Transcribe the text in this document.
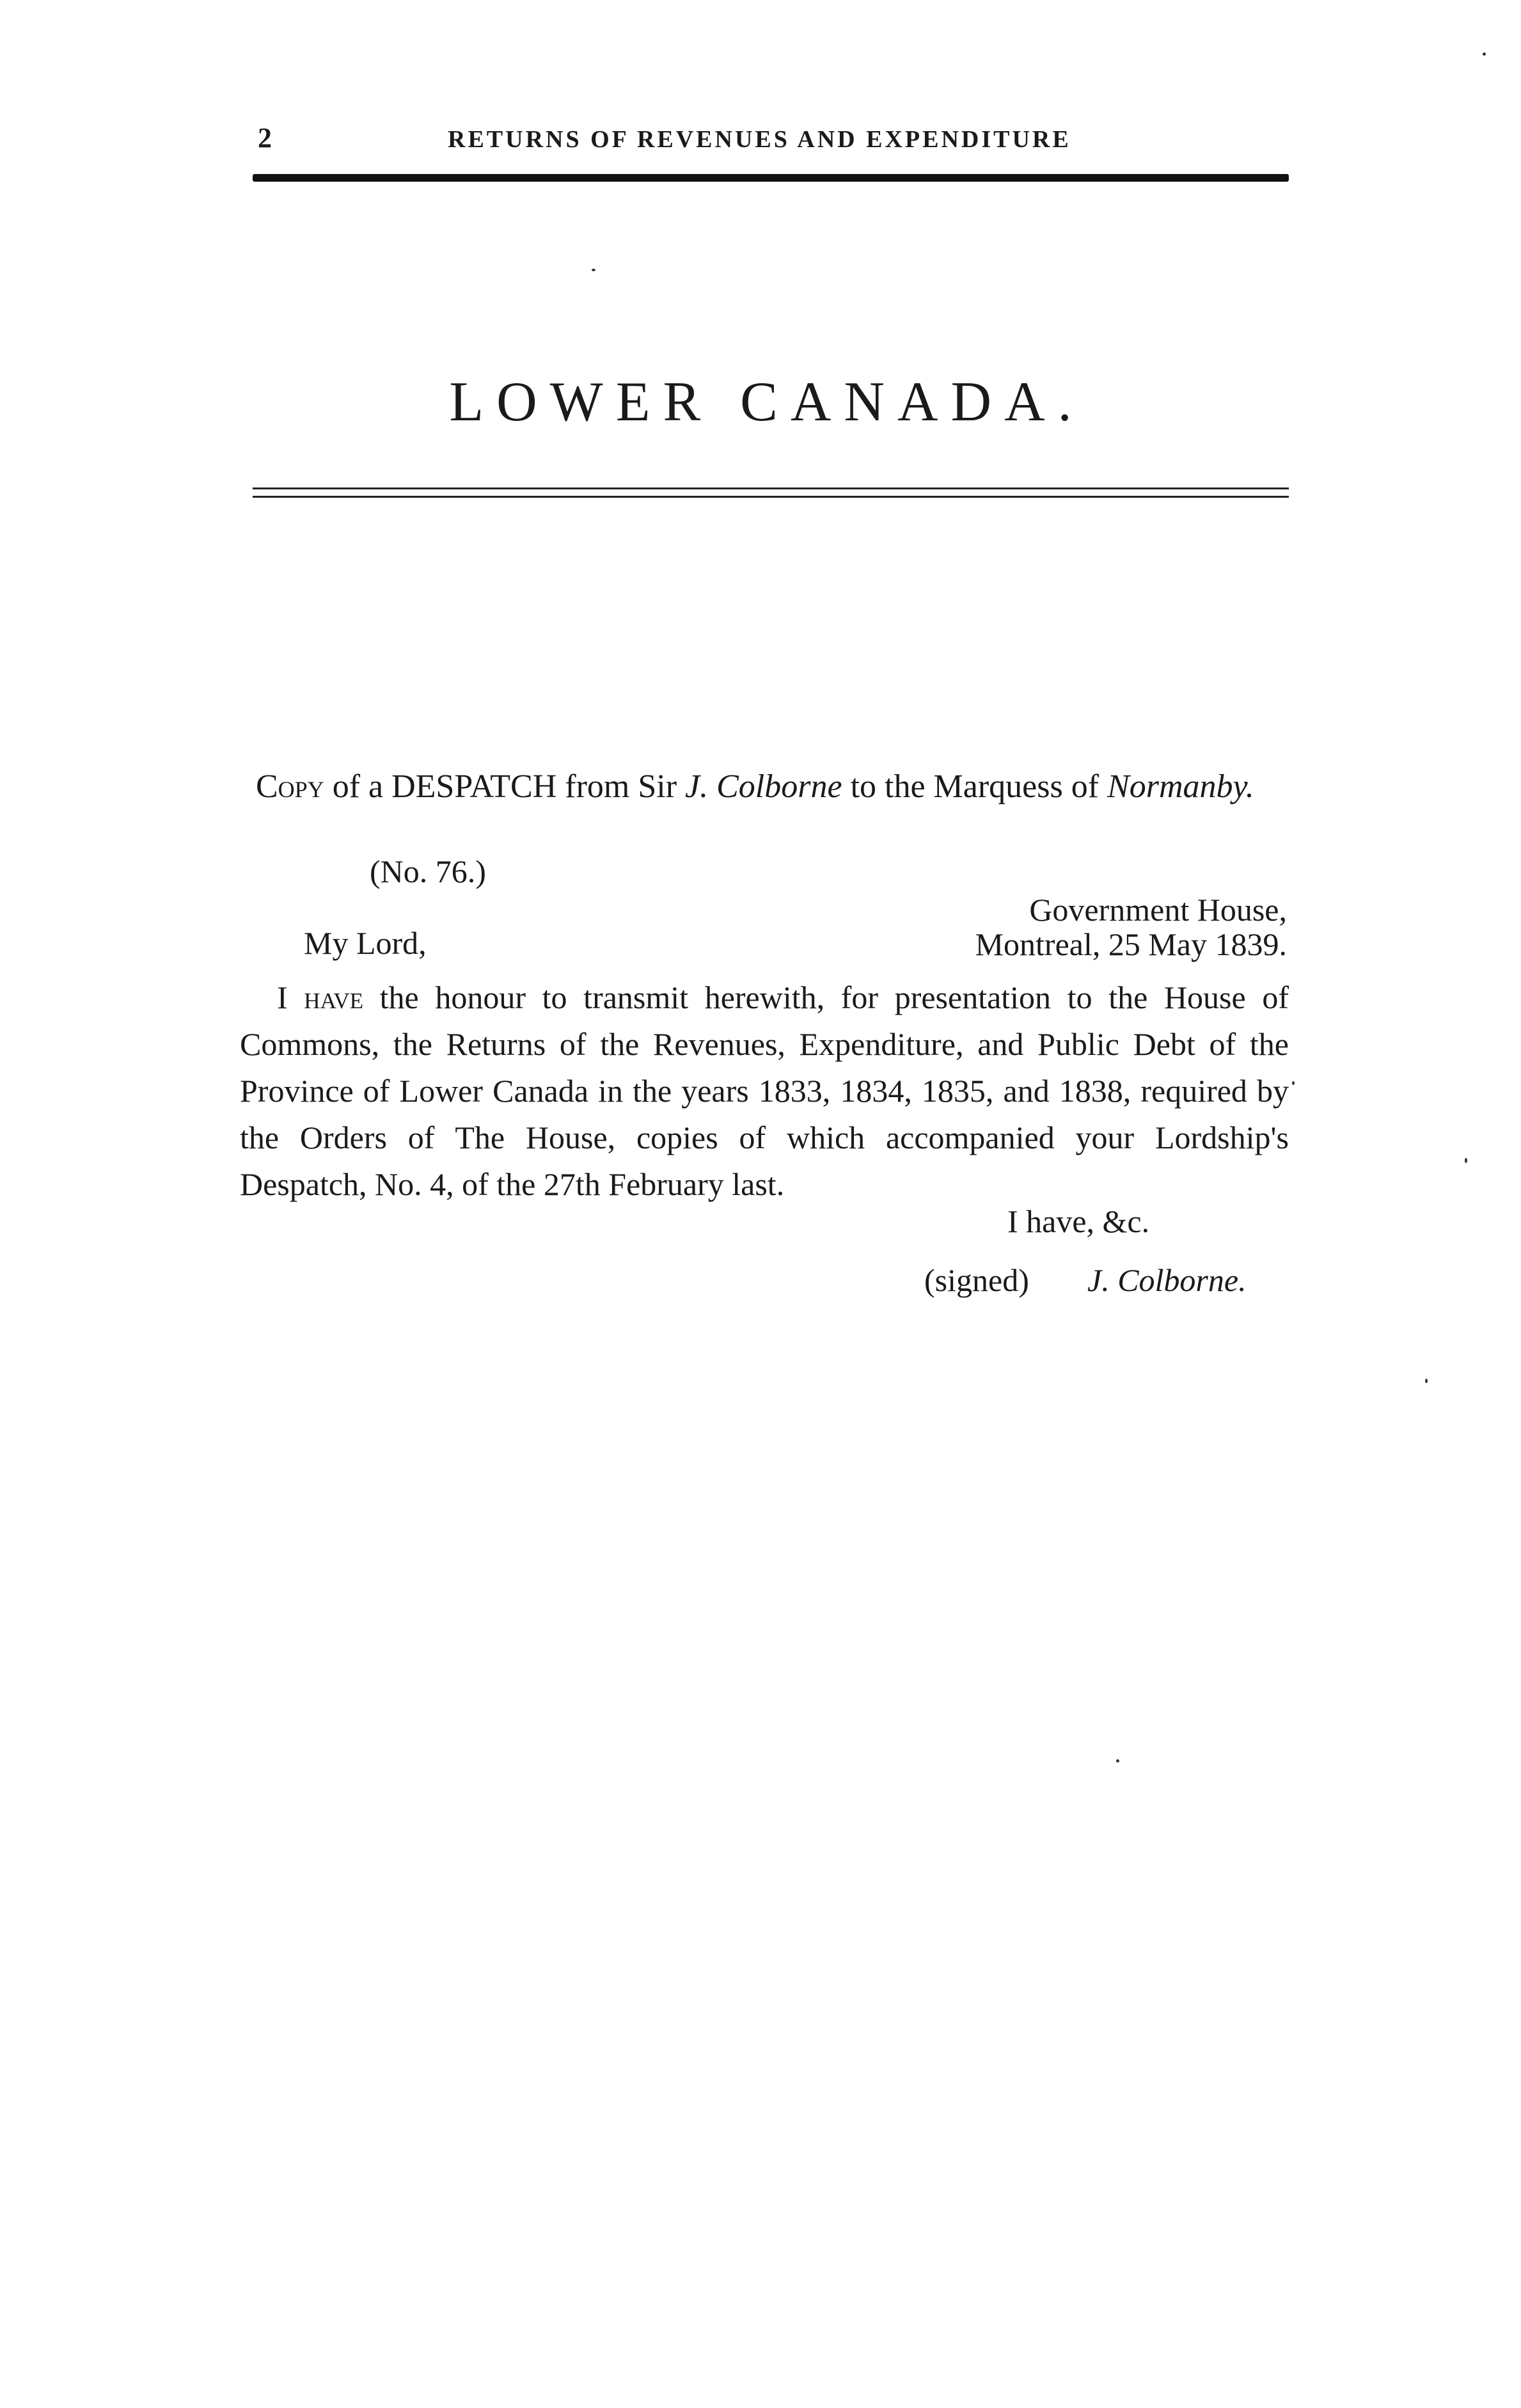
2	RETURNS OF REVENUES AND EXPENDITURE
LOWER CANADA.
Copy of a DESPATCH from Sir J. Colborne to the Marquess of Normanby.
(No. 76.)
Government House,
Montreal, 25 May 1839.
My Lord,
I have the honour to transmit herewith, for presentation to the House of Commons, the Returns of the Revenues, Expenditure, and Public Debt of the Province of Lower Canada in the years 1833, 1834, 1835, and 1838, required by the Orders of The House, copies of which accompanied your Lordship's Despatch, No. 4, of the 27th February last.
I have, &c.
(signed) J. Colborne.
